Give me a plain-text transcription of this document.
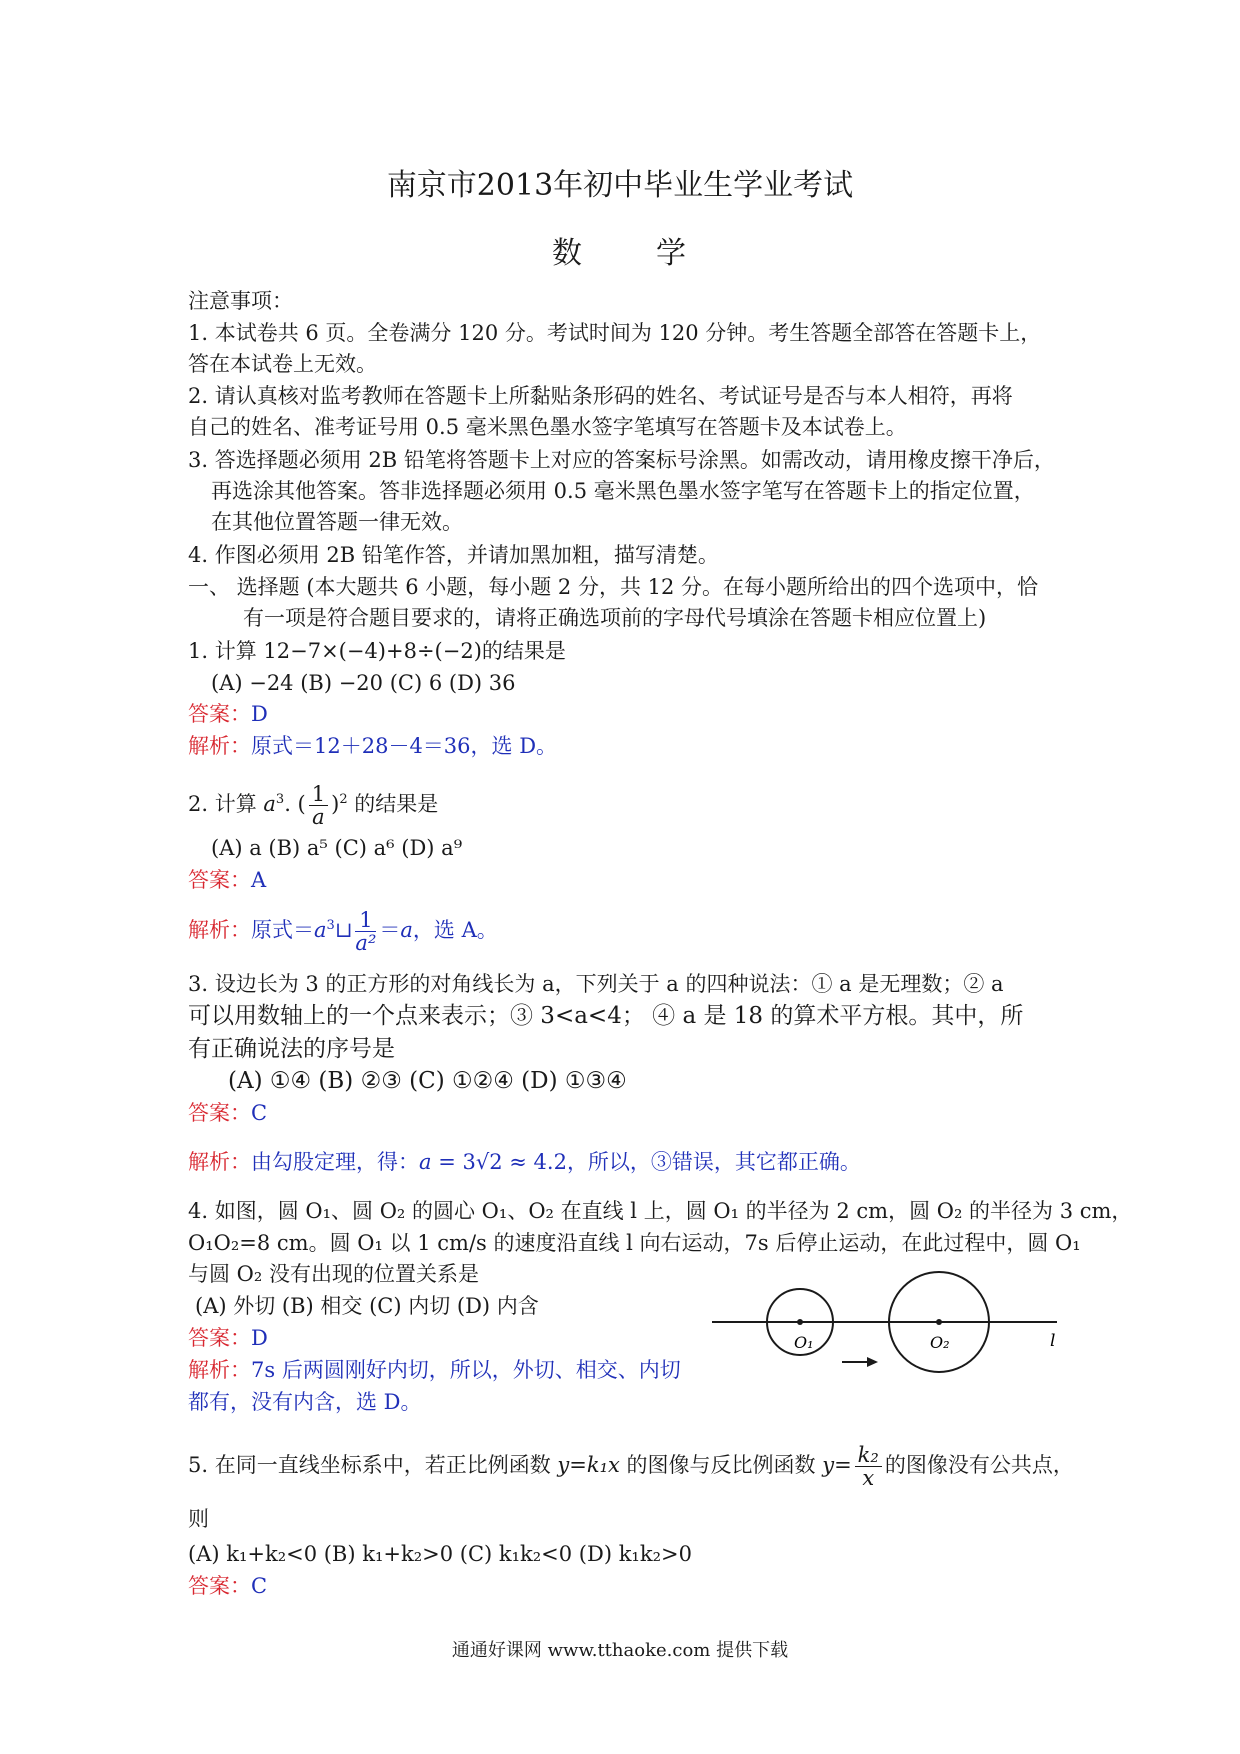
南京市2013年初中毕业生学业考试
数 学
注意事项：
1. 本试卷共 6 页。全卷满分 120 分。考试时间为 120 分钟。考生答题全部答在答题卡上，
答在本试卷上无效。
2. 请认真核对监考教师在答题卡上所黏贴条形码的姓名、考试证号是否与本人相符，再将
自己的姓名、准考证号用 0.5 毫米黑色墨水签字笔填写在答题卡及本试卷上。
3. 答选择题必须用 2B 铅笔将答题卡上对应的答案标号涂黑。如需改动，请用橡皮擦干净后，
再选涂其他答案。答非选择题必须用 0.5 毫米黑色墨水签字笔写在答题卡上的指定位置，
在其他位置答题一律无效。
4. 作图必须用 2B 铅笔作答，并请加黑加粗，描写清楚。
一、 选择题 (本大题共 6 小题，每小题 2 分，共 12 分。在每小题所给出的四个选项中，恰
有一项是符合题目要求的，请将正确选项前的字母代号填涂在答题卡相应位置上)
1. 计算 12−7×(−4)+8÷(−2)的结果是
(A) −24 (B) −20 (C) 6 (D) 36
答案：D
解析：原式＝12＋28－4＝36，选 D。
2. 计算 $a^3$. ( $\frac{1}{a} )^2$ 的结果是
(A) a (B) a⁵ (C) a⁶ (D) a⁹
答案：A
解析：原式$=a^3⊔ \frac{1}{\text{a²}} =a$，选 A。
3. 设边长为 3 的正方形的对角线长为 a，下列关于 a 的四种说法：① a 是无理数；② a
可以用数轴上的一个点来表示；③ 3<a<4； ④ a 是 18 的算术平方根。其中，所
有正确说法的序号是
(A) ①④ (B) ②③ (C) ①②④ (D) ①③④
答案：C
解析：由勾股定理，得：a = 3√2 ≈ 4.2，所以，③错误，其它都正确。
4. 如图，圆 O₁、圆 O₂ 的圆心 O₁、O₂ 在直线 l 上，圆 O₁ 的半径为 2 cm，圆 O₂ 的半径为 3 cm，
O₁O₂=8 cm。圆 O₁ 以 1 cm/s 的速度沿直线 l 向右运动，7s 后停止运动，在此过程中，圆 O₁
与圆 O₂ 没有出现的位置关系是
(A) 外切 (B) 相交 (C) 内切 (D) 内含
答案：D
解析：7s 后两圆刚好内切，所以，外切、相交、内切
都有，没有内含，选 D。
O₁	O₂	l
5. 在同一直线坐标系中，若正比例函数 y=k₁x 的图像与反比例函数 $y= \frac{\text{k₂}}{x}$ 的图像没有公共点，
则
(A) k₁+k₂<0 (B) k₁+k₂>0 (C) k₁k₂<0 (D) k₁k₂>0
答案：C
通通好课网 www.tthaoke.com 提供下载
